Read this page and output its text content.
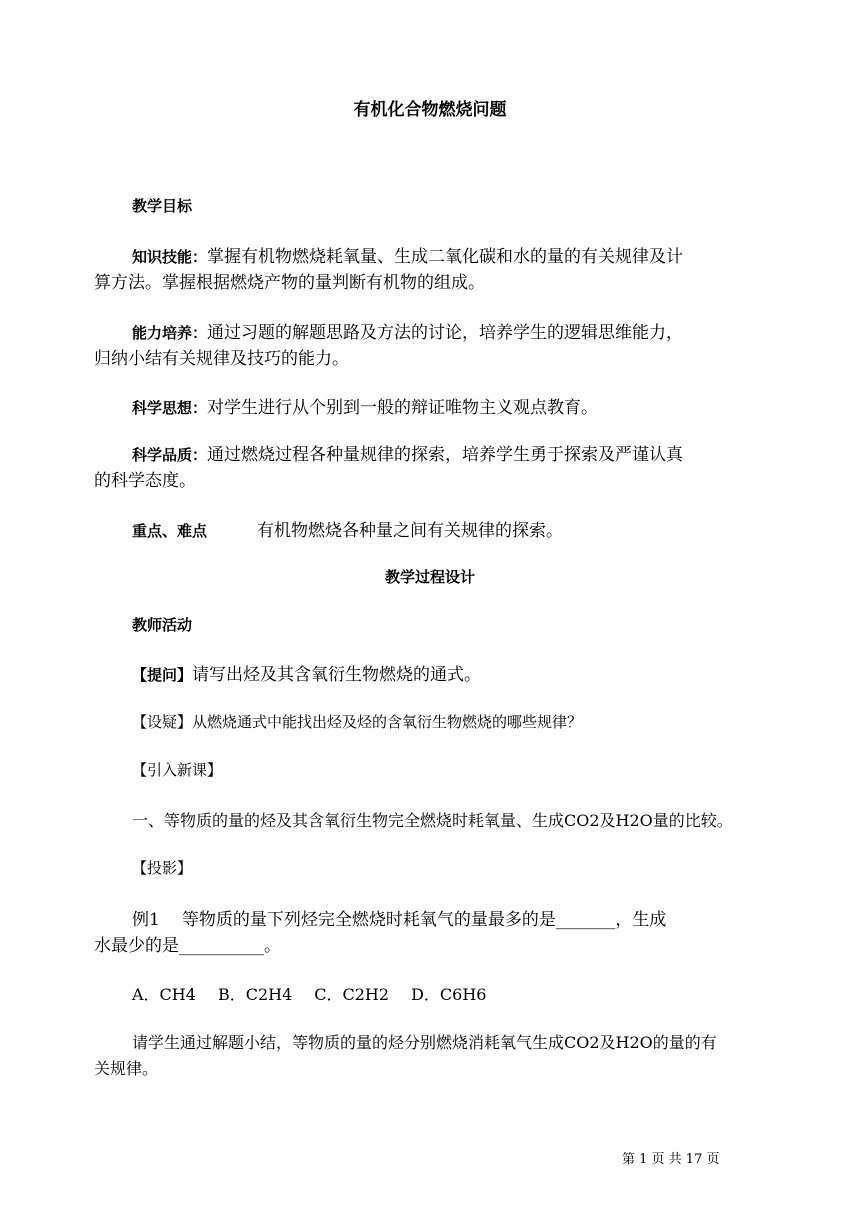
有机化合物燃烧问题
教学目标
知识技能：掌握有机物燃烧耗氧量、生成二氧化碳和水的量的有关规律及计
算方法。掌握根据燃烧产物的量判断有机物的组成。
能力培养：通过习题的解题思路及方法的讨论，培养学生的逻辑思维能力，
归纳小结有关规律及技巧的能力。
科学思想：对学生进行从个别到一般的辩证唯物主义观点教育。
科学品质：通过燃烧过程各种量规律的探索，培养学生勇于探索及严谨认真
的科学态度。
重点、难点	有机物燃烧各种量之间有关规律的探索。
教学过程设计
教师活动
【提问】请写出烃及其含氧衍生物燃烧的通式。
【设疑】从燃烧通式中能找出烃及烃的含氧衍生物燃烧的哪些规律？
【引入新课】
一、等物质的量的烃及其含氧衍生物完全燃烧时耗氧量、生成CO2及H2O量的比较。
【投影】
例1 等物质的量下列烃完全燃烧时耗氧气的量最多的是_______，生成
水最少的是__________。
A．CH4 B．C2H4 C．C2H2 D．C6H6
请学生通过解题小结，等物质的量的烃分别燃烧消耗氧气生成CO2及H2O的量的有
关规律。
第 1 页 共 17 页
